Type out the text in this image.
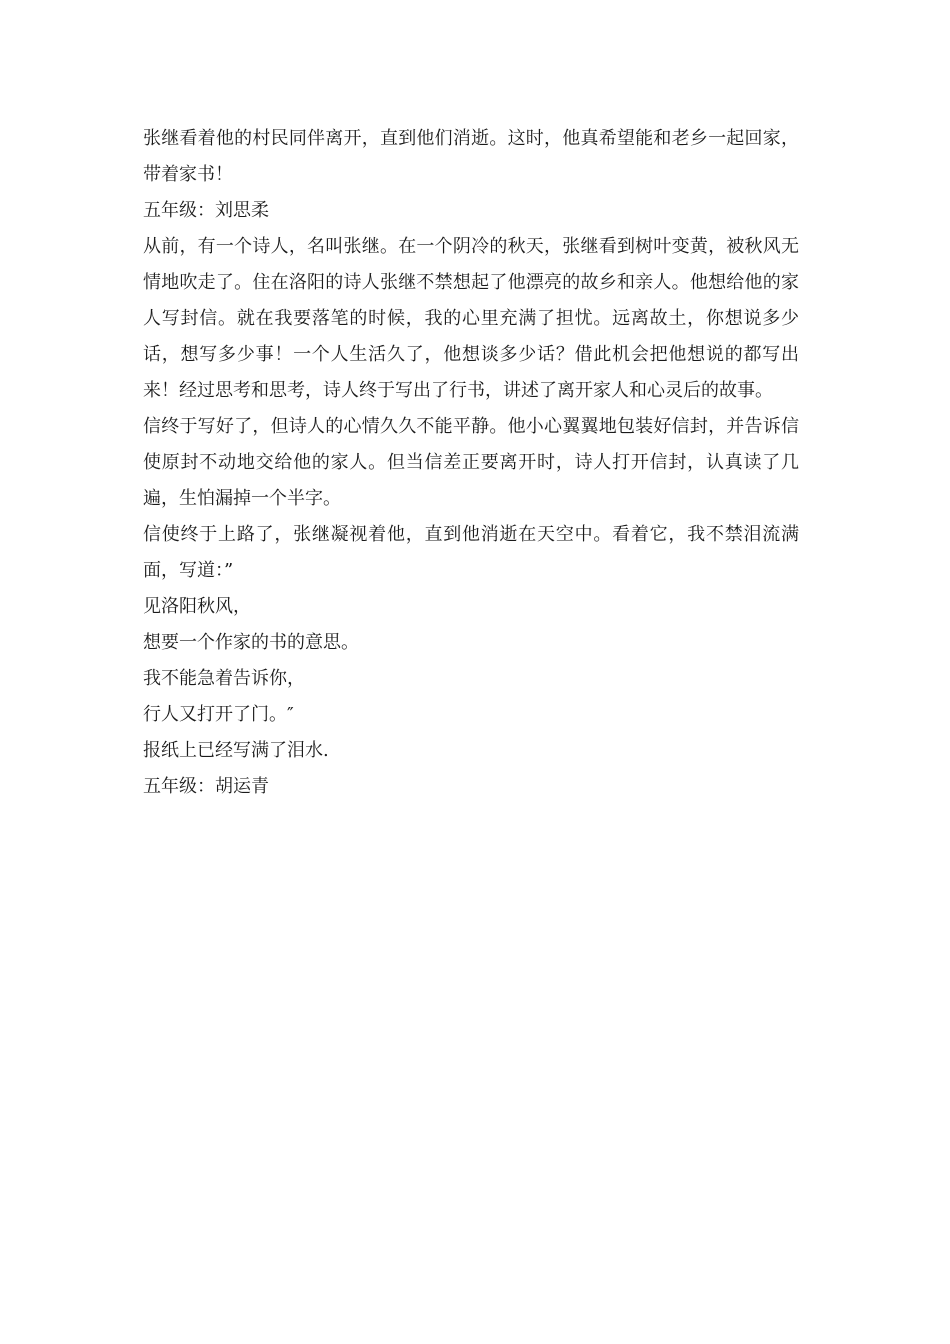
张继看着他的村民同伴离开，直到他们消逝。这时，他真希望能和老乡一起回家，带着家书！

五年级：刘思柔

从前，有一个诗人，名叫张继。在一个阴冷的秋天，张继看到树叶变黄，被秋风无情地吹走了。住在洛阳的诗人张继不禁想起了他漂亮的故乡和亲人。他想给他的家人写封信。就在我要落笔的时候，我的心里充满了担忧。远离故土，你想说多少话，想写多少事！一个人生活久了，他想谈多少话？借此机会把他想说的都写出来！经过思考和思考，诗人终于写出了行书，讲述了离开家人和心灵后的故事。

信终于写好了，但诗人的心情久久不能平静。他小心翼翼地包装好信封，并告诉信使原封不动地交给他的家人。但当信差正要离开时，诗人打开信封，认真读了几遍，生怕漏掉一个半字。

信使终于上路了，张继凝视着他，直到他消逝在天空中。看着它，我不禁泪流满面，写道：”

见洛阳秋风，

想要一个作家的书的意思。

我不能急着告诉你，

行人又打开了门。″

报纸上已经写满了泪水.

五年级：胡运青
